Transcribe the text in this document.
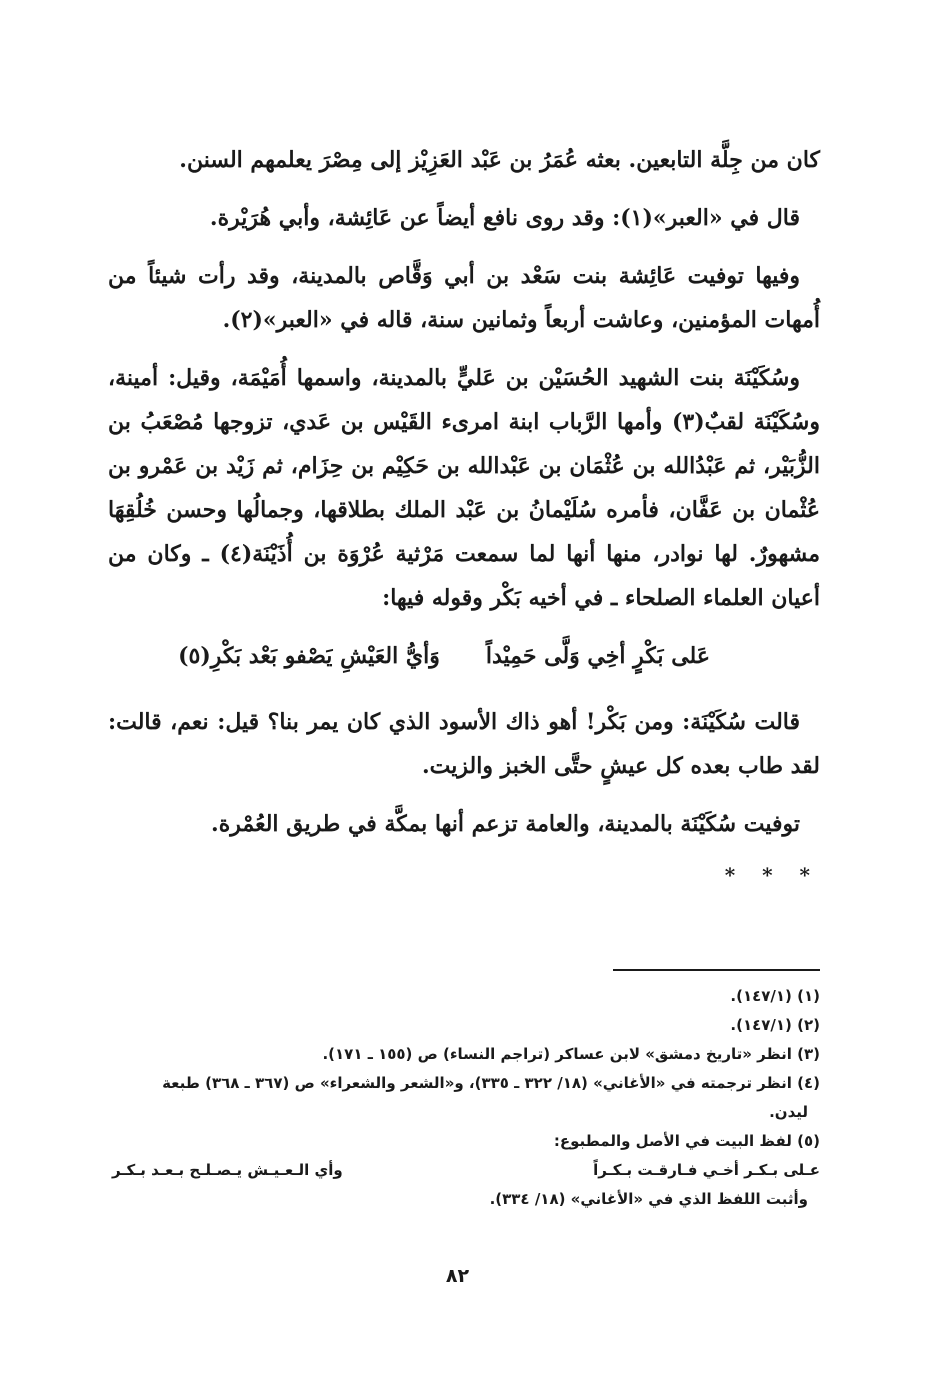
كان من جِلَّة التابعين. بعثه عُمَرُ بن عَبْد العَزِيْز إلى مِصْرَ يعلمهم السنن.

قال في «العبر»(١): وقد روى نافع أيضاً عن عَائِشة، وأبي هُرَيْرة.

وفيها توفيت عَائِشة بنت سَعْد بن أبي وَقَّاص بالمدينة، وقد رأت شيئاً من أُمهات المؤمنين، وعاشت أربعاً وثمانين سنة، قاله في «العبر»(٢).

وسُكَيْنَة بنت الشهيد الحُسَيْن بن عَليٍّ بالمدينة، واسمها أُمَيْمَة، وقيل: أمينة، وسُكَيْنَة لقبٌ(٣) وأمها الرَّباب ابنة امرىء القَيْس بن عَدي، تزوجها مُصْعَبُ بن الزُّبَيْر، ثم عَبْدُالله بن عُثْمَان بن عَبْدالله بن حَكِيْم بن حِزَام، ثم زَيْد بن عَمْرو بن عُثْمان بن عَفَّان، فأمره سُلَيْمانُ بن عَبْد الملك بطلاقها، وجمالُها وحسن خُلُقِهَا مشهورٌ. لها نوادر، منها أنها لما سمعت مَرْثية عُرْوَة بن أُذَيْنَة(٤) ـ وكان من أعيان العلماء الصلحاء ـ في أخيه بَكْر وقوله فيها:

عَلى بَكْرٍ أخِي وَلَّى حَمِيْداً
وَأيُّ العَيْشِ يَصْفو بَعْد بَكْرِ(٥)

قالت سُكَيْنَة: ومن بَكْر! أهو ذاك الأسود الذي كان يمر بنا؟ قيل: نعم، قالت: لقد طاب بعده كل عيشٍ حتَّى الخبز والزيت.

توفيت سُكَيْنَة بالمدينة، والعامة تزعم أنها بمكَّة في طريق العُمْرة.

* * *

(١) (١٤٧/١).

(٢) (١٤٧/١).

(٣) انظر «تاريخ دمشق» لابن عساكر (تراجم النساء) ص (١٥٥ ـ ١٧١).

(٤) انظر ترجمته في «الأغاني» (١٨/ ٣٢٢ ـ ٣٣٥)، و«الشعر والشعراء» ص (٣٦٧ ـ ٣٦٨) طبعة

ليدن.

(٥) لفظ البيت في الأصل والمطبوع:

عـلى بـكـر أخـي فـارقـت بـكـراً
وأي الـعـيـش يـصـلـح بـعـد بـكـر

وأثبت اللفظ الذي في «الأغاني» (١٨/ ٣٣٤).

٨٢
